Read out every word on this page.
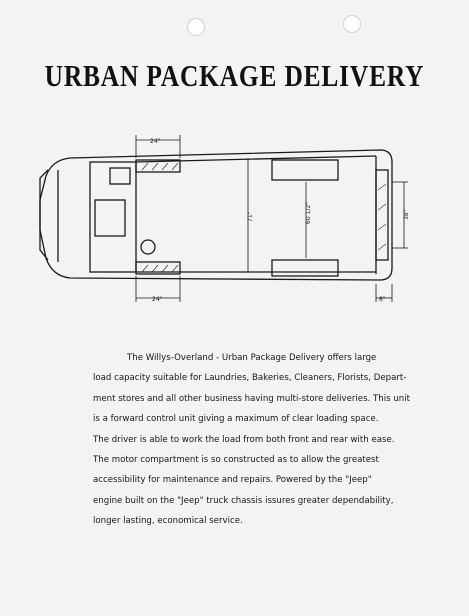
URBAN PACKAGE DELIVERY
24"
24"
71"	60 1/2"	38"
8"
The Willys-Overland - Urban Package Delivery offers large
load capacity suitable for Laundries, Bakeries, Cleaners, Florists, Depart-
ment stores and all other business having multi-store deliveries. This unit
is a forward control unit giving a maximum of clear loading space.
The driver is able to work the load from both front and rear with ease.
The motor compartment is so constructed as to allow the greatest
accessibility for maintenance and repairs. Powered by the "Jeep"
engine built on the "Jeep" truck chassis issures greater dependability,
longer lasting, economical service.
